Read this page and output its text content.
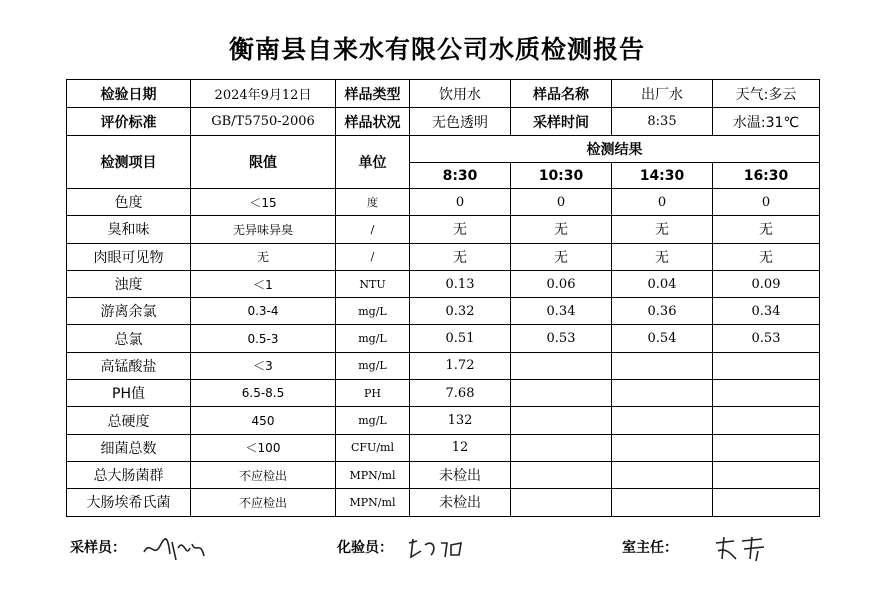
衡南县自来水有限公司水质检测报告
检验日期	2024年9月12日	样品类型	饮用水	样品名称	出厂水	天气:多云
评价标准	GB/T5750-2006	样品状况	无色透明	采样时间	8:35	水温:31℃
检测项目	限值	单位	检测结果			
			8:30	10:30	14:30	16:30
色度	＜15	度	0	0	0	0
臭和味	无异味异臭	/	无	无	无	无
肉眼可见物	无	/	无	无	无	无
浊度	＜1	NTU	0.13	0.06	0.04	0.09
游离余氯	0.3-4	mg/L	0.32	0.34	0.36	0.34
总氯	0.5-3	mg/L	0.51	0.53	0.54	0.53
高锰酸盐	＜3	mg/L	1.72			
PH值	6.5-8.5	PH	7.68			
总硬度	450	mg/L	132			
细菌总数	＜100	CFU/ml	12			
总大肠菌群	不应检出	MPN/ml	未检出			
大肠埃希氏菌	不应检出	MPN/ml	未检出			
采样员：	化验员：	室主任：
